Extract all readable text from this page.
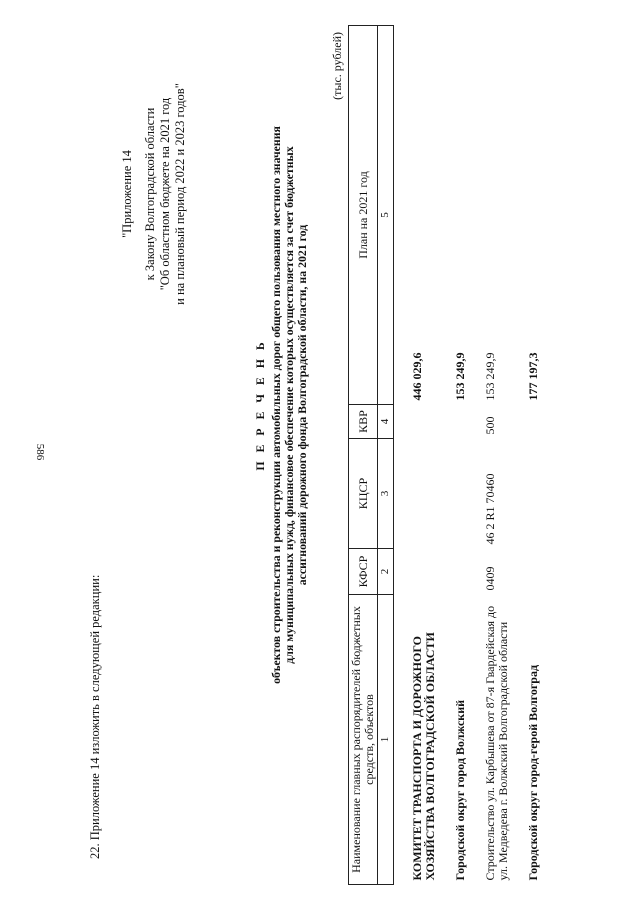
586
22. Приложение 14 изложить в следующей редакции:
"Приложение 14 к Закону Волгоградской области "Об областном бюджете на 2021 год и на плановый период 2022 и 2023 годов"
П Е Р Е Ч Е Н Ь объектов строительства и реконструкции автомобильных дорог общего пользования местного значения для муниципальных нужд, финансовое обеспечение которых осуществляется за счет бюджетных ассигнований дорожного фонда Волгоградской области, на 2021 год
(тыс. рублей)
Наименование главных распорядителей бюджетных средств, объектов	КФСР	КЦСР	КВР	План на 2021 год
1	2	3	4	5
КОМИТЕТ ТРАНСПОРТА И ДОРОЖНОГО ХОЗЯЙСТВА ВОЛГОГРАДСКОЙ ОБЛАСТИ				446 029,6
Городской округ город Волжский				153 249,9
Строительство ул. Карбышева от 87-я Гвардейская до ул. Медведева г. Волжский Волгоградской области	0409	46 2 R1 70460	500	153 249,9
Городской округ город-герой Волгоград				177 197,3
